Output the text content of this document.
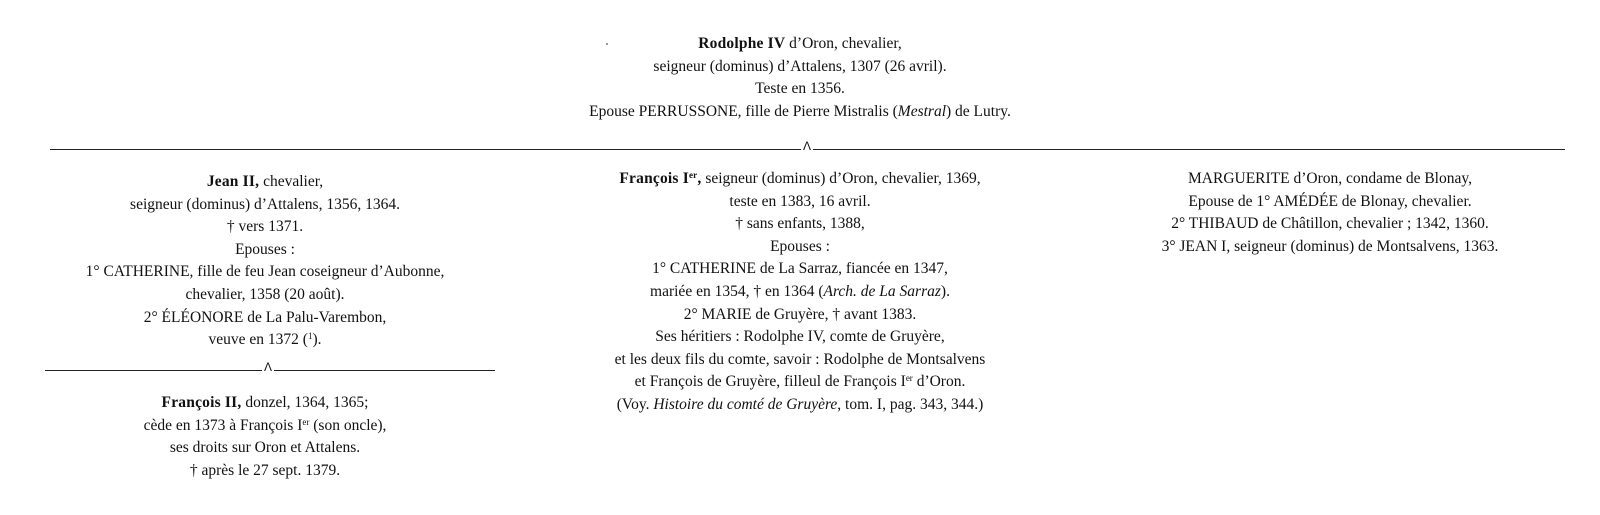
Rodolphe IV d’Oron, chevalier,
seigneur (dominus) d’Attalens, 1307 (26 avril).
Teste en 1356.
Epouse PERRUSSONE, fille de Pierre Mistralis (Mestral) de Lutry.
Λ
Jean II, chevalier,
seigneur (dominus) d’Attalens, 1356, 1364.
† vers 1371.
Epouses :
1° CATHERINE, fille de feu Jean coseigneur d’Aubonne,
chevalier, 1358 (20 août).
2° ÉLÉONORE de La Palu-Varembon,
veuve en 1372 ($^1$).
Λ
François II, donzel, 1364, 1365;
cède en 1373 à François Ier (son oncle),
ses droits sur Oron et Attalens.
† après le 27 sept. 1379.
François Ier, seigneur (dominus) d’Oron, chevalier, 1369,
teste en 1383, 16 avril.
† sans enfants, 1388,
Epouses :
1° CATHERINE de La Sarraz, fiancée en 1347,
mariée en 1354, † en 1364 (Arch. de La Sarraz).
2° MARIE de Gruyère, † avant 1383.
Ses héritiers : Rodolphe IV, comte de Gruyère,
et les deux fils du comte, savoir : Rodolphe de Montsalvens
et François de Gruyère, filleul de François Ier d’Oron.
(Voy. Histoire du comté de Gruyère, tom. I, pag. 343, 344.)
MARGUERITE d’Oron, condame de Blonay,
Epouse de 1° AMÉDÉE de Blonay, chevalier.
2° THIBAUD de Châtillon, chevalier ; 1342, 1360.
3° JEAN I, seigneur (dominus) de Montsalvens, 1363.
